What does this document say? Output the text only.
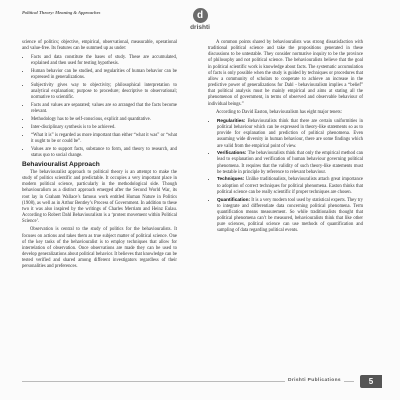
Political Theory: Meaning & Approaches	d
drishti

science of politics; objective, empirical, observational, measurable, operational and value-free. Its features can be summed up as under:

• Facts and data constitute the bases of study. These are accumulated, explained and then used for testing hypothesis.
• Human behavior can be studied, and regularities of human behavior can be expressed in generalizations.
• Subjectivity gives way to objectivity; philosophical interpretation to analytical explanation; purpose to procedure; descriptive to observational; normative to scientific.
• Facts and values are separated; values are so arranged that the facts become relevant.
• Methodology has to be self-conscious, explicit and quantitative.
• Inter-disciplinary synthesis is to be achieved.
• “What it is” is regarded as more important than either “what it was” or “what it ought to be or could be”.
• Values are to support facts, substance to form, and theory to research, and status quo to social change.
Behaviouralist Approach

The behaviouralist approach to political theory is an attempt to make the study of politics scientific and predictable. It occupies a very important place in modern political science, particularly in the methodological side. Though behaviouralism as a distinct approach emerged after the Second World War, its root lay in Graham Wallace’s famous work entitled Human Nature in Politics (1908), as well as in Arthur Bentley’s Process of Government. In addition to these two it was also inspired by the writings of Charles Merriam and Heinz Eulau. According to Robert Dahl Behaviouralism is a ‘protest movement within Political Science’.

Observation is central to the study of politics for the behaviouralists. It focuses on actions and takes them as true subject matter of political science. One of the key tasks of the behaviouralist is to employ techniques that allow for interrelation of observation. Once observations are made they can be used to develop generalizations about political behavior. It believes that knowledge can be tested verified and shared among different investigators regardless of their personalities and preferences.

A common points shared by behaviouralists was strong dissatisfaction with traditional political science and take the propositions generated in these discussions to be untestable. They consider normative inquiry to be the province of philosophy and not political science. The behaviouralists believe that the goal in political scientific work is knowledge about facts. The systematic accumulation of facts is only possible when the study is guided by techniques or procedures that allow a community of scholars to cooperate to achieve an increase in the predictive power of generalizations for Dahl - behaviouralism implies a “belief” that political analysis must be mainly empirical and aims at stating all the phenomenon of government, in terms of observed and observable behaviour of individual beings.”

According to David Easton, behaviouralism has eight major tenets:

• Regularities: Behaviouralists think that there are certain uniformities in political behaviour which can be expressed in theory-like statements so as to provide for explanation and prediction of political phenomena. Even assuming wide diversity in human behaviour, there are some findings which are valid from the empirical point of view.
• Verifications: The behaviouralists think that only the empirical method can lead to explanation and verification of human behaviour governing political phenomena. It requires that the validity of such theory-like statements must be testable in principle by reference to relevant behaviour.
• Techniques: Unlike traditionalists, behaviouralists attach great importance to adoption of correct techniques for political phenomena. Easton thinks that political science can be really scientific if proper techniques are chosen.
• Quantification: It is a very modern tool used by statistical experts. They try to integrate and differentiate data concerning political phenomena. Term quantification means measurement. So while traditionalists thought that political phenomena can’t be measured, behaviouralists think that like other pure sciences, political science can use methods of quantification and sampling of data regarding political events.
Drishti Publications	5
